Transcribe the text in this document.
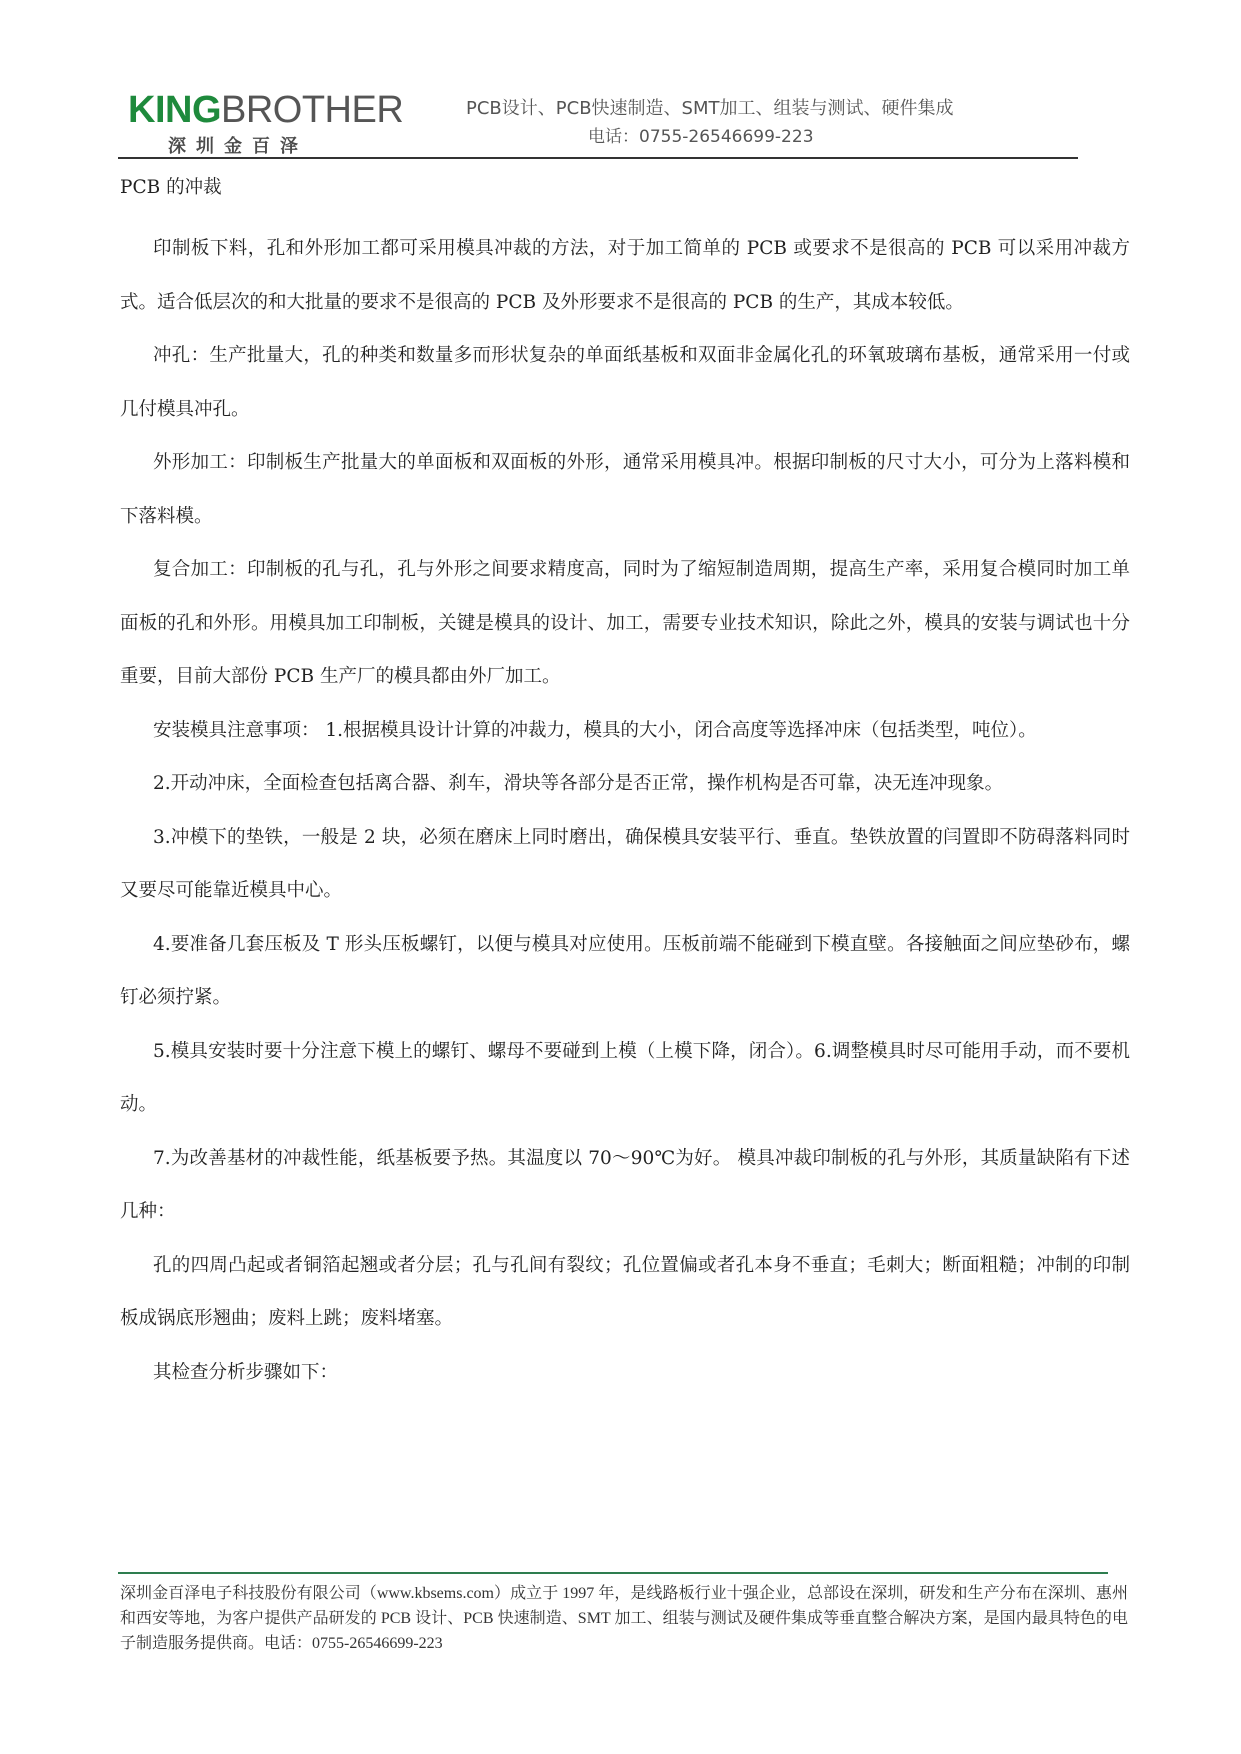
KINGBROTHER
深圳金百泽
PCB设计、PCB快速制造、SMT加工、组装与测试、硬件集成
电话：0755-26546699-223

PCB 的冲裁

印制板下料，孔和外形加工都可采用模具冲裁的方法，对于加工简单的 PCB 或要求不是很高的 PCB 可以采用冲裁方式。适合低层次的和大批量的要求不是很高的 PCB 及外形要求不是很高的 PCB 的生产，其成本较低。

冲孔：生产批量大，孔的种类和数量多而形状复杂的单面纸基板和双面非金属化孔的环氧玻璃布基板，通常采用一付或几付模具冲孔。

外形加工：印制板生产批量大的单面板和双面板的外形，通常采用模具冲。根据印制板的尺寸大小，可分为上落料模和下落料模。

复合加工：印制板的孔与孔，孔与外形之间要求精度高，同时为了缩短制造周期，提高生产率，采用复合模同时加工单面板的孔和外形。用模具加工印制板，关键是模具的设计、加工，需要专业技术知识，除此之外，模具的安装与调试也十分重要，目前大部份 PCB 生产厂的模具都由外厂加工。

安装模具注意事项： 1.根据模具设计计算的冲裁力，模具的大小，闭合高度等选择冲床（包括类型，吨位）。

2.开动冲床，全面检查包括离合器、刹车，滑块等各部分是否正常，操作机构是否可靠，决无连冲现象。

3.冲模下的垫铁，一般是 2 块，必须在磨床上同时磨出，确保模具安装平行、垂直。垫铁放置的闫置即不防碍落料同时又要尽可能靠近模具中心。

4.要准备几套压板及 T 形头压板螺钉，以便与模具对应使用。压板前端不能碰到下模直壁。各接触面之间应垫砂布，螺钉必须拧紧。

5.模具安装时要十分注意下模上的螺钉、螺母不要碰到上模（上模下降，闭合）。6.调整模具时尽可能用手动，而不要机动。

7.为改善基材的冲裁性能，纸基板要予热。其温度以 70～90℃为好。 模具冲裁印制板的孔与外形，其质量缺陷有下述几种：

孔的四周凸起或者铜箔起翘或者分层；孔与孔间有裂纹；孔位置偏或者孔本身不垂直；毛刺大；断面粗糙；冲制的印制板成锅底形翘曲；废料上跳；废料堵塞。

其检查分析步骤如下：

深圳金百泽电子科技股份有限公司（www.kbsems.com）成立于 1997 年，是线路板行业十强企业，总部设在深圳，研发和生产分布在深圳、惠州和西安等地，为客户提供产品研发的 PCB 设计、PCB 快速制造、SMT 加工、组装与测试及硬件集成等垂直整合解决方案，是国内最具特色的电子制造服务提供商。电话：0755-26546699-223
